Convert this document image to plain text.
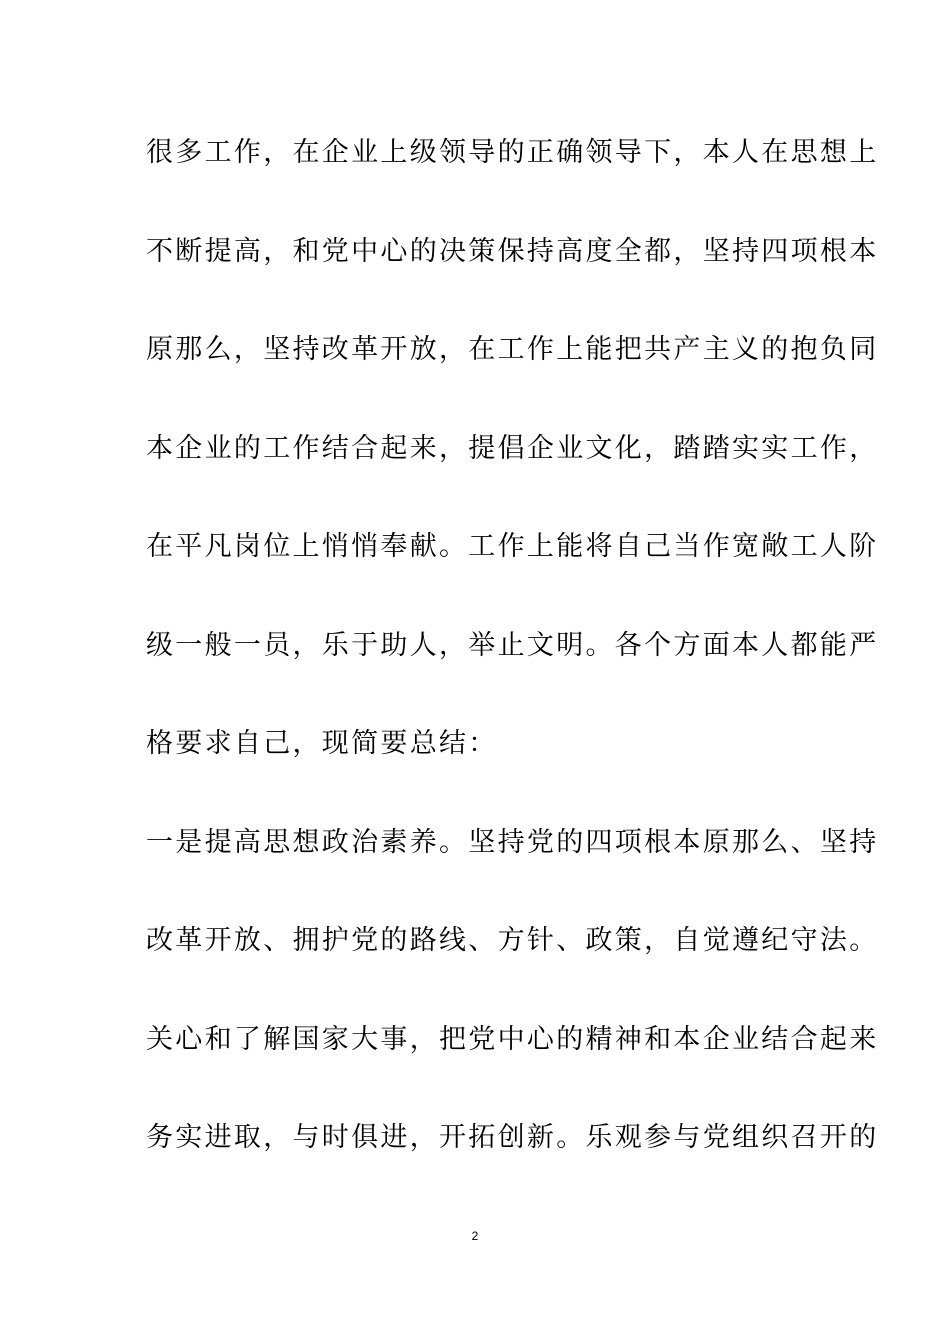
很多工作，在企业上级领导的正确领导下，本人在思想上
不断提高，和党中心的决策保持高度全都，坚持四项根本
原那么，坚持改革开放，在工作上能把共产主义的抱负同
本企业的工作结合起来，提倡企业文化，踏踏实实工作，
在平凡岗位上悄悄奉献。工作上能将自己当作宽敞工人阶
级一般一员，乐于助人，举止文明。各个方面本人都能严
格要求自己，现简要总结：
一是提高思想政治素养。坚持党的四项根本原那么、坚持
改革开放、拥护党的路线、方针、政策，自觉遵纪守法。
关心和了解国家大事，把党中心的精神和本企业结合起来
务实进取，与时俱进，开拓创新。乐观参与党组织召开的
2
